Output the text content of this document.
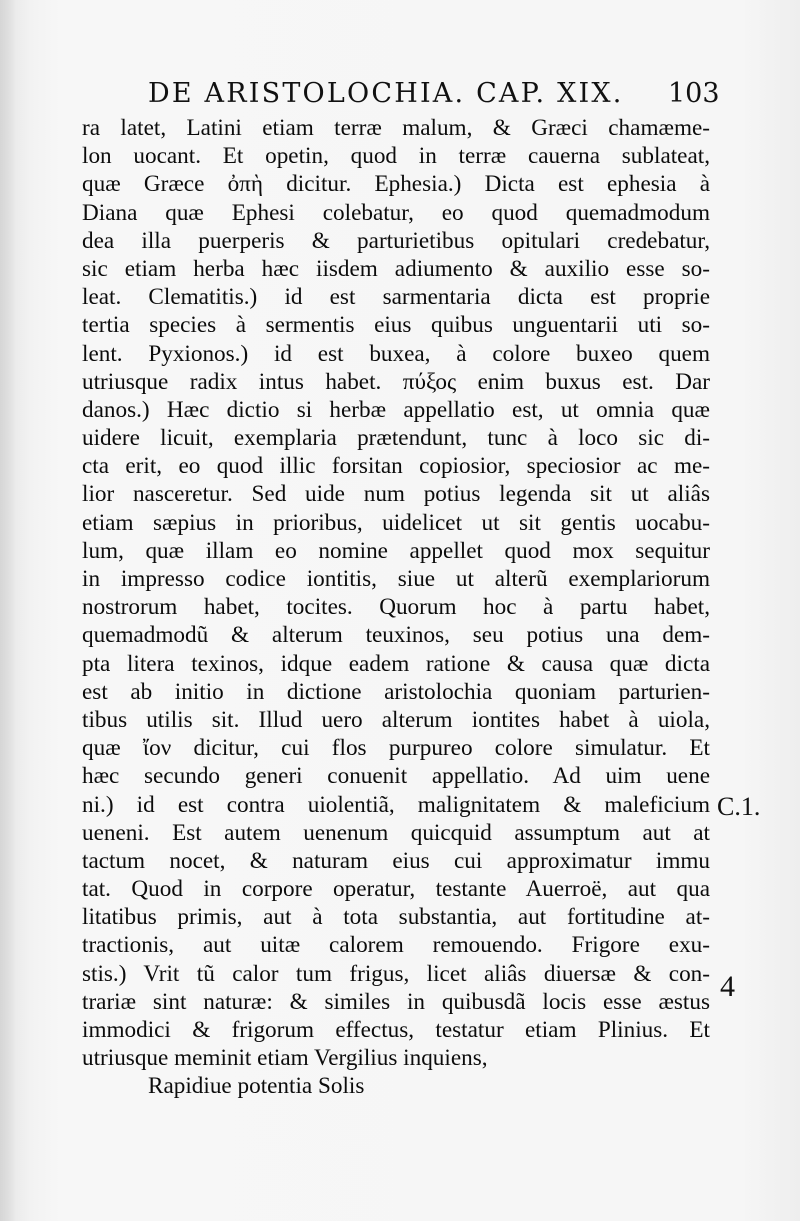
DE ARISTOLOCHIA. CAP. XIX. 103
ra latet, Latini etiam terræ malum, & Græci chamæme-
lon uocant. Et opetin, quod in terræ cauerna sublateat,
quæ Græce ὀπὴ dicitur. Ephesia.) Dicta est ephesia à
Diana quæ Ephesi colebatur, eo quod quemadmodum
dea illa puerperis & parturietibus opitulari credebatur,
sic etiam herba hæc iisdem adiumento & auxilio esse so-
leat. Clematitis.) id est sarmentaria dicta est proprie
tertia species à sermentis eius quibus unguentarii uti so-
lent. Pyxionos.) id est buxea, à colore buxeo quem
utriusque radix intus habet. πύξος enim buxus est. Dar
danos.) Hæc dictio si herbæ appellatio est, ut omnia quæ
uidere licuit, exemplaria prætendunt, tunc à loco sic di-
cta erit, eo quod illic forsitan copiosior, speciosior ac me-
lior nasceretur. Sed uide num potius legenda sit ut aliâs
etiam sæpius in prioribus, uidelicet ut sit gentis uocabu-
lum, quæ illam eo nomine appellet quod mox sequitur
in impresso codice iontitis, siue ut alterũ exemplariorum
nostrorum habet, tocites. Quorum hoc à partu habet,
quemadmodũ & alterum teuxinos, seu potius una dem-
pta litera texinos, idque eadem ratione & causa quæ dicta
est ab initio in dictione aristolochia quoniam parturien-
tibus utilis sit. Illud uero alterum iontites habet à uiola,
quæ ἴον dicitur, cui flos purpureo colore simulatur. Et
hæc secundo generi conuenit appellatio. Ad uim uene
ni.) id est contra uiolentiã, malignitatem & maleficium
ueneni. Est autem uenenum quicquid assumptum aut at
tactum nocet, & naturam eius cui approximatur immu
tat. Quod in corpore operatur, testante Auerroë, aut qua
litatibus primis, aut à tota substantia, aut fortitudine at-
tractionis, aut uitæ calorem remouendo. Frigore exu-
stis.) Vrit tũ calor tum frigus, licet aliâs diuersæ & con-
trariæ sint naturæ: & similes in quibusdã locis esse æstus
immodici & frigorum effectus, testatur etiam Plinius. Et
utriusque meminit etiam Vergilius inquiens,
Rapidiue potentia Solis
C.1.
4
